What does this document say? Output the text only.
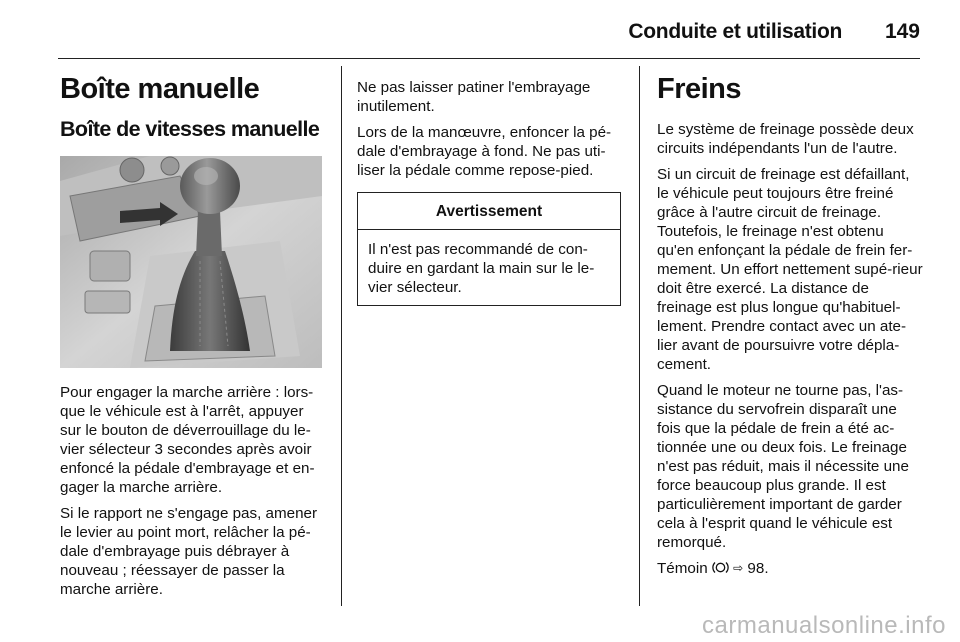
Conduite et utilisation 149
Boîte manuelle
Boîte de vitesses manuelle

Pour engager la marche arrière : lors-que le véhicule est à l'arrêt, appuyer sur le bouton de déverrouillage du le-vier sélecteur 3 secondes après avoir enfoncé la pédale d'embrayage et en-gager la marche arrière.

Si le rapport ne s'engage pas, amener le levier au point mort, relâcher la pé-dale d'embrayage puis débrayer à nouveau ; réessayer de passer la marche arrière.

Ne pas laisser patiner l'embrayage inutilement.

Lors de la manœuvre, enfoncer la pé-dale d'embrayage à fond. Ne pas uti-liser la pédale comme repose-pied.

Avertissement
Il n'est pas recommandé de con-duire en gardant la main sur le le-vier sélecteur.
Freins

Le système de freinage possède deux circuits indépendants l'un de l'autre.

Si un circuit de freinage est défaillant, le véhicule peut toujours être freiné grâce à l'autre circuit de freinage. Toutefois, le freinage n'est obtenu qu'en enfonçant la pédale de frein fer-mement. Un effort nettement supé-rieur doit être exercé. La distance de freinage est plus longue qu'habituel-lement. Prendre contact avec un ate-lier avant de poursuivre votre dépla-cement.

Quand le moteur ne tourne pas, l'as-sistance du servofrein disparaît une fois que la pédale de frein a été ac-tionnée une ou deux fois. Le freinage n'est pas réduit, mais il nécessite une force beaucoup plus grande. Il est particulièrement important de garder cela à l'esprit quand le véhicule est remorqué.

Témoin ⇨ 98.

carmanualsonline.info
